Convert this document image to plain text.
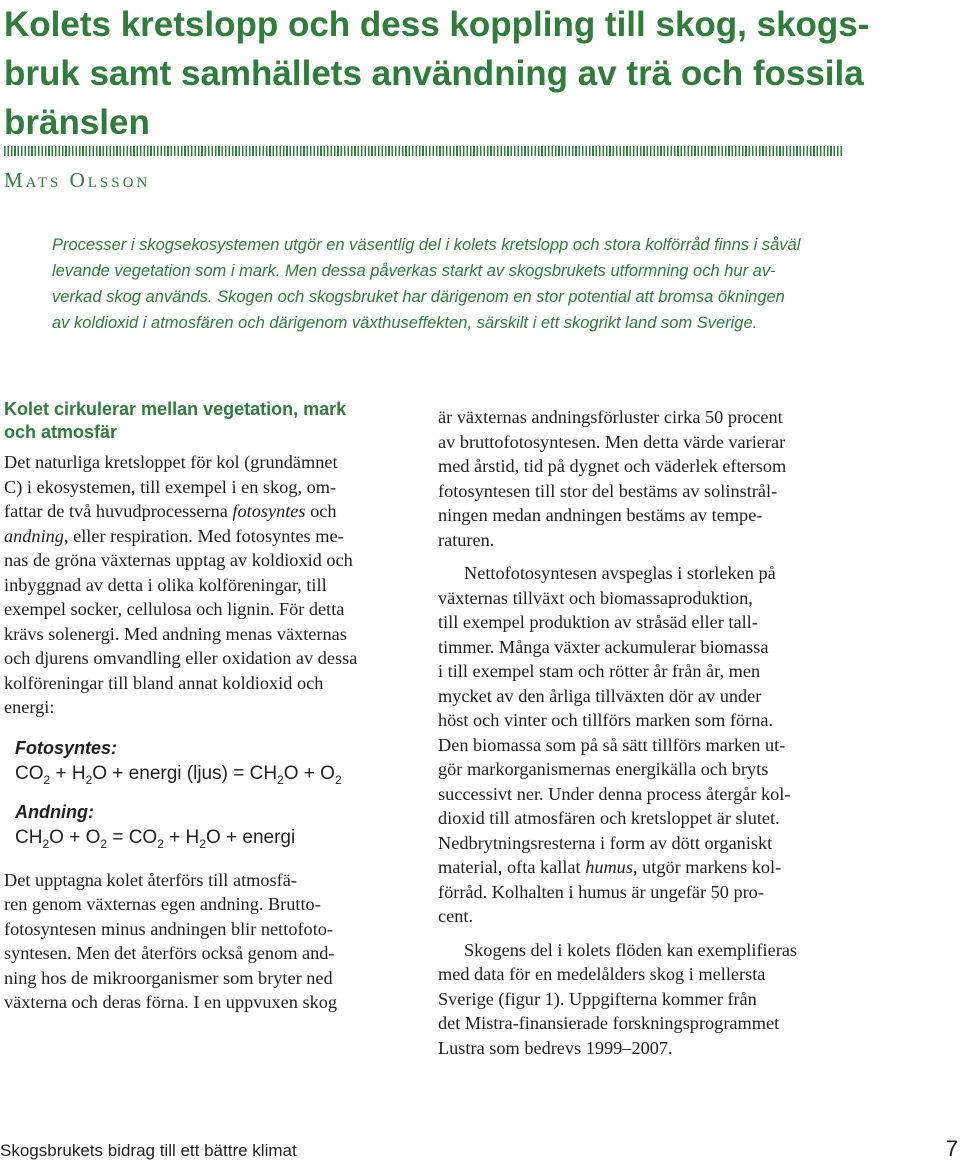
Kolets kretslopp och dess koppling till skog, skogs-
bruk samt samhällets användning av trä och fossila
bränslen
Mats Olsson

Processer i skogsekosystemen utgör en väsentlig del i kolets kretslopp och stora kolförråd finns i såväl
levande vegetation som i mark. Men dessa påverkas starkt av skogsbrukets utformning och hur av-
verkad skog används. Skogen och skogsbruket har därigenom en stor potential att bromsa ökningen
av koldioxid i atmosfären och därigenom växthuseffekten, särskilt i ett skogrikt land som Sverige.

Kolet cirkulerar mellan vegetation, mark
och atmosfär

Det naturliga kretsloppet för kol (grundämnet
C) i ekosystemen, till exempel i en skog, om-
fattar de två huvudprocesserna fotosyntes och
andning, eller respiration. Med fotosyntes me-
nas de gröna växternas upptag av koldioxid och
inbyggnad av detta i olika kolföreningar, till
exempel socker, cellulosa och lignin. För detta
krävs solenergi. Med andning menas växternas
och djurens omvandling eller oxidation av dessa
kolföreningar till bland annat koldioxid och
energi:

Fotosyntes:

$CO_2 + H_2O$ + energi (ljus) = $CH_2O + O_2$

Andning:

$CH_2O + O_2 = CO_2 + H_2O$ + energi

Det upptagna kolet återförs till atmosfä-
ren genom växternas egen andning. Brutto-
fotosyntesen minus andningen blir nettofoto-
syntesen. Men det återförs också genom and-
ning hos de mikroorganismer som bryter ned
växterna och deras förna. I en uppvuxen skog

är växternas andningsförluster cirka 50 procent
av bruttofotosyntesen. Men detta värde varierar
med årstid, tid på dygnet och väderlek eftersom
fotosyntesen till stor del bestäms av solinstrål-
ningen medan andningen bestäms av tempe-
raturen.

Nettofotosyntesen avspeglas i storleken på
växternas tillväxt och biomassaproduktion,
till exempel produktion av stråsäd eller tall-
timmer. Många växter ackumulerar biomassa
i till exempel stam och rötter år från år, men
mycket av den årliga tillväxten dör av under
höst och vinter och tillförs marken som förna.
Den biomassa som på så sätt tillförs marken ut-
gör markorganismernas energikälla och bryts
successivt ner. Under denna process återgår kol-
dioxid till atmosfären och kretsloppet är slutet.
Nedbrytningsresterna i form av dött organiskt
material, ofta kallat humus, utgör markens kol-
förråd. Kolhalten i humus är ungefär 50 pro-
cent.

Skogens del i kolets flöden kan exemplifieras
med data för en medelålders skog i mellersta
Sverige (figur 1). Uppgifterna kommer från
det Mistra-finansierade forskningsprogrammet
Lustra som bedrevs 1999–2007.

Skogsbrukets bidrag till ett bättre klimat	7
